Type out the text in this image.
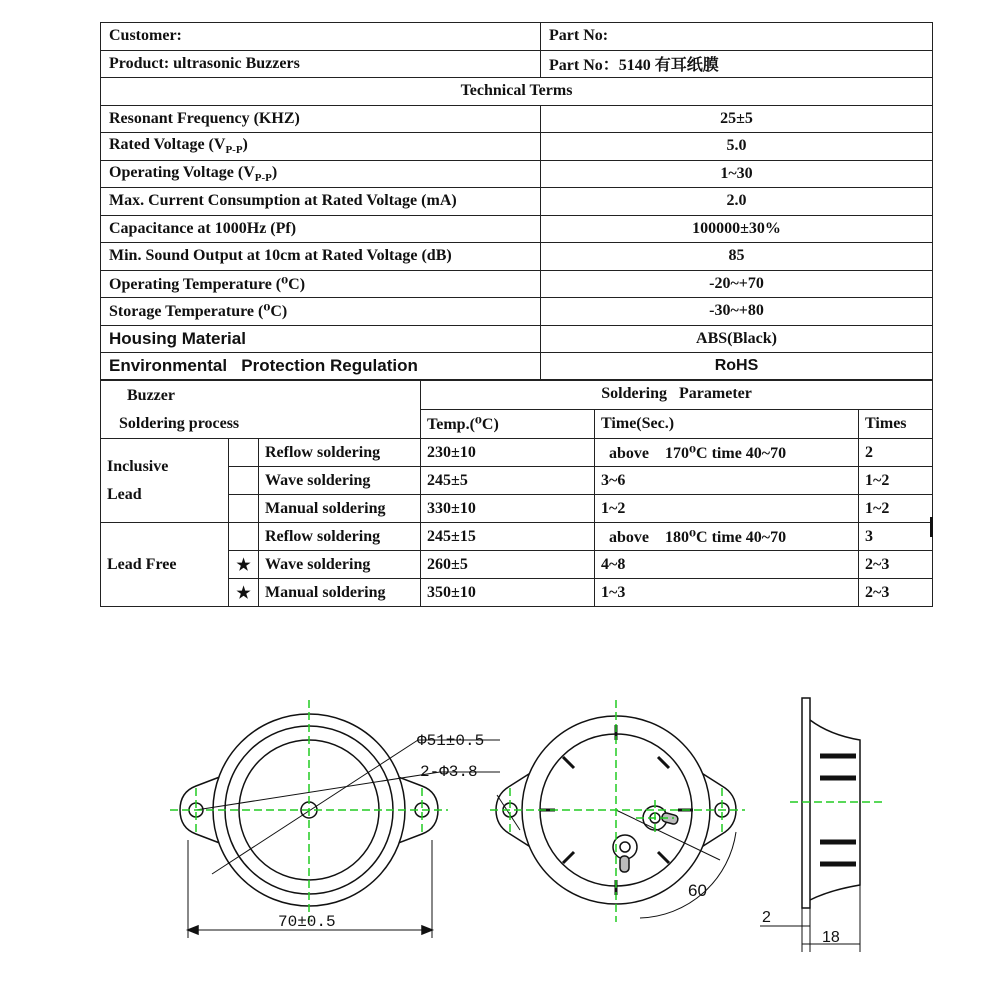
Customer:	Part No:
Product: ultrasonic Buzzers	Part No：5140 有耳纸膜
Technical Terms	
Resonant Frequency (KHZ)	25±5
Rated Voltage $(V_{P-P})$	5.0
Operating Voltage $(V_{P-P})$	1~30
Max. Current Consumption at Rated Voltage (mA)	2.0
Capacitance at 1000Hz (Pf)	100000±30%
Min. Sound Output at 10cm at Rated Voltage (dB)	85
Operating Temperature (⁰C)	-20~+70
Storage Temperature (⁰C)	-30~+80
Housing Material	ABS(Black)
Environmental   Protection Regulation	RoHS
Buzzer
Soldering process			Soldering   Parameter		
			Temp.(⁰C)	Time(Sec.)	Times

Inclusive
Lead		Reflow soldering	230±10	above    170⁰C time 40~70	2
		Wave soldering	245±5	3~6	1~2
		Manual soldering	330±10	1~2	1~2

Lead Free		Reflow soldering	245±15	above    180⁰C time 40~70	3
	★	Wave soldering	260±5	4~8	2~3
	★	Manual soldering	350±10	1~3	2~3
Φ51±0.5
2-Φ3.8
70±0.5
60
2
18
